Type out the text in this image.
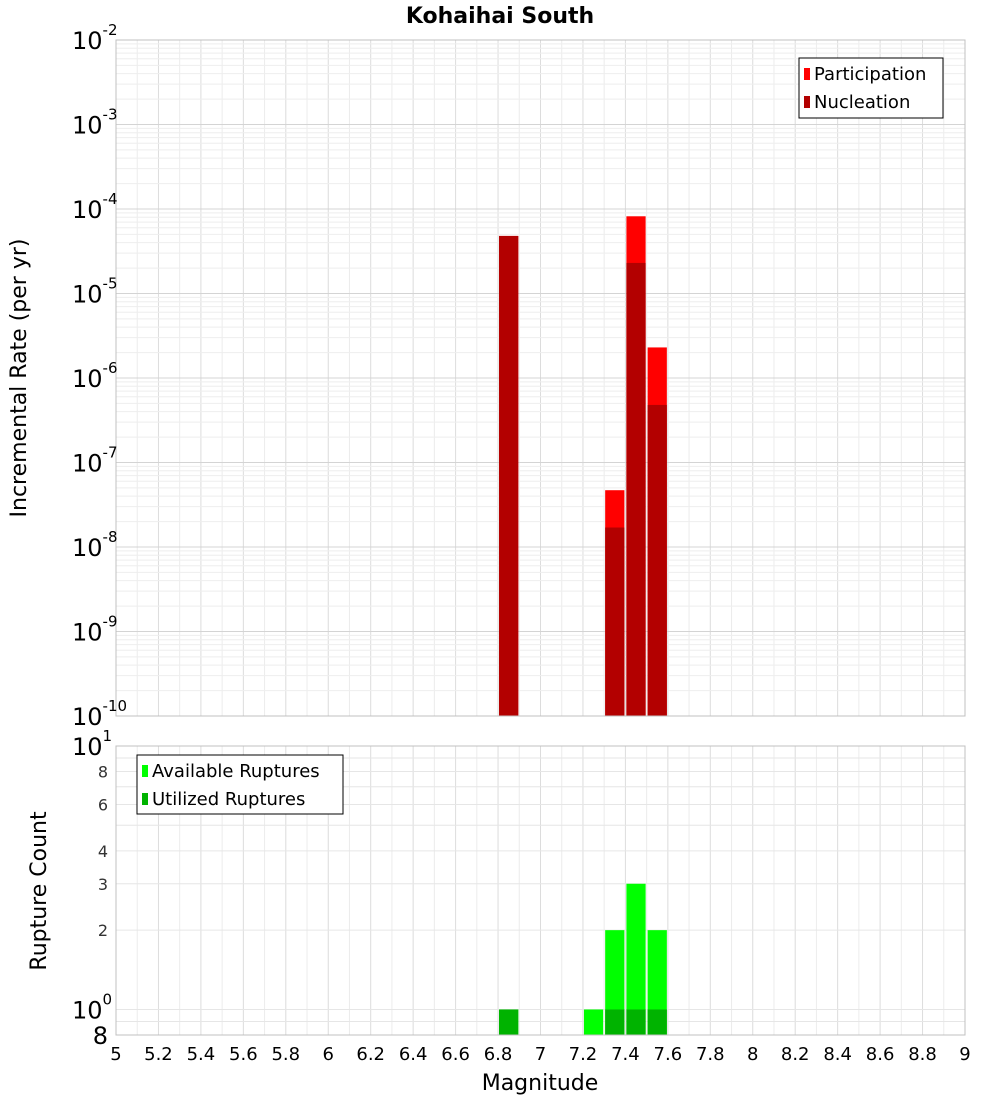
Kohaihai South
10-2
10-3
10-4
10-5
10-6
10-7
10-8
10-9
10-10
Incremental Rate (per yr)
Participation
Nucleation
101
100
8
6
4
3
2
8
Rupture Count
Available Ruptures
Utilized Ruptures
5 5.2 5.4 5.6 5.8 6 6.2 6.4 6.6 6.8 7 7.2 7.4 7.6 7.8 8 8.2 8.4 8.6 8.8 9
Magnitude
